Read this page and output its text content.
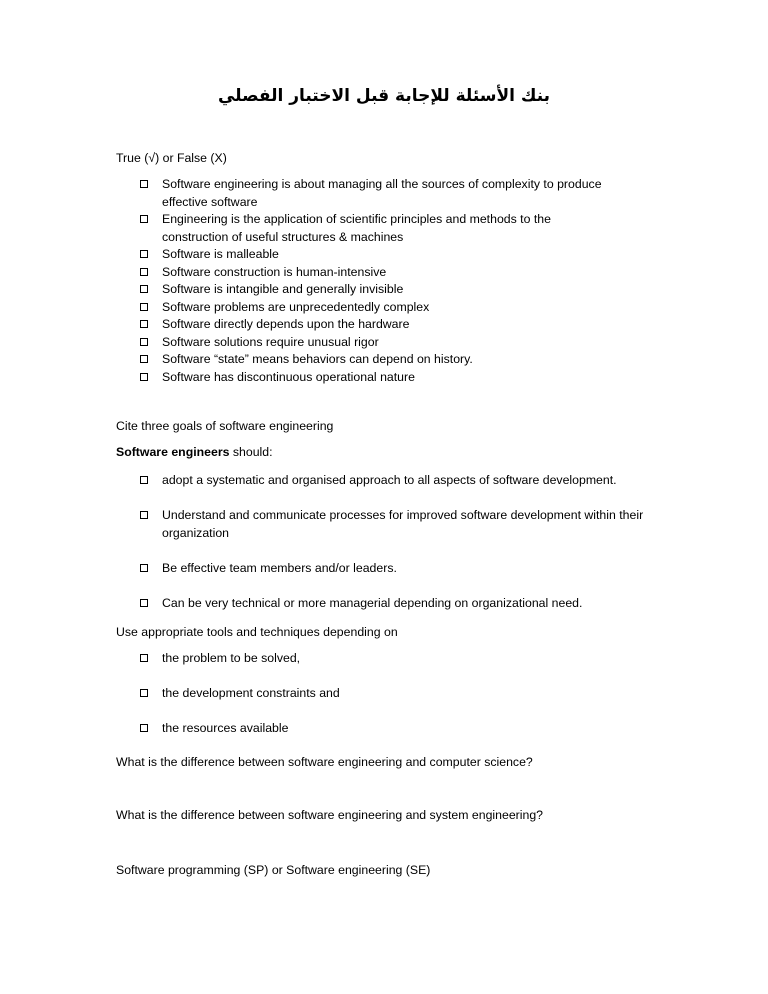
بنك الأسئلة للإجابة قبل الاختبار الفصلي
True (√) or False (X)
Software engineering is about managing all the sources of complexity to produce effective software
Engineering is the application of scientific principles and methods to the construction of useful structures & machines
Software is malleable
Software construction is human-intensive
Software is intangible and generally invisible
Software problems are unprecedentedly complex
Software directly depends upon the hardware
Software solutions require unusual rigor
Software “state” means behaviors can depend on history.
Software has discontinuous operational nature
Cite three goals of software engineering
Software engineers should:
adopt a systematic and organised approach to all aspects of software development.
Understand and communicate processes for improved software development within their organization
Be effective team members and/or leaders.
Can be very technical or more managerial depending on organizational need.
Use appropriate tools and techniques depending on
the problem to be solved,
the development constraints and
the resources available
What is the difference between software engineering and computer science?
What is the difference between software engineering and system engineering?
Software programming (SP) or Software engineering (SE)
